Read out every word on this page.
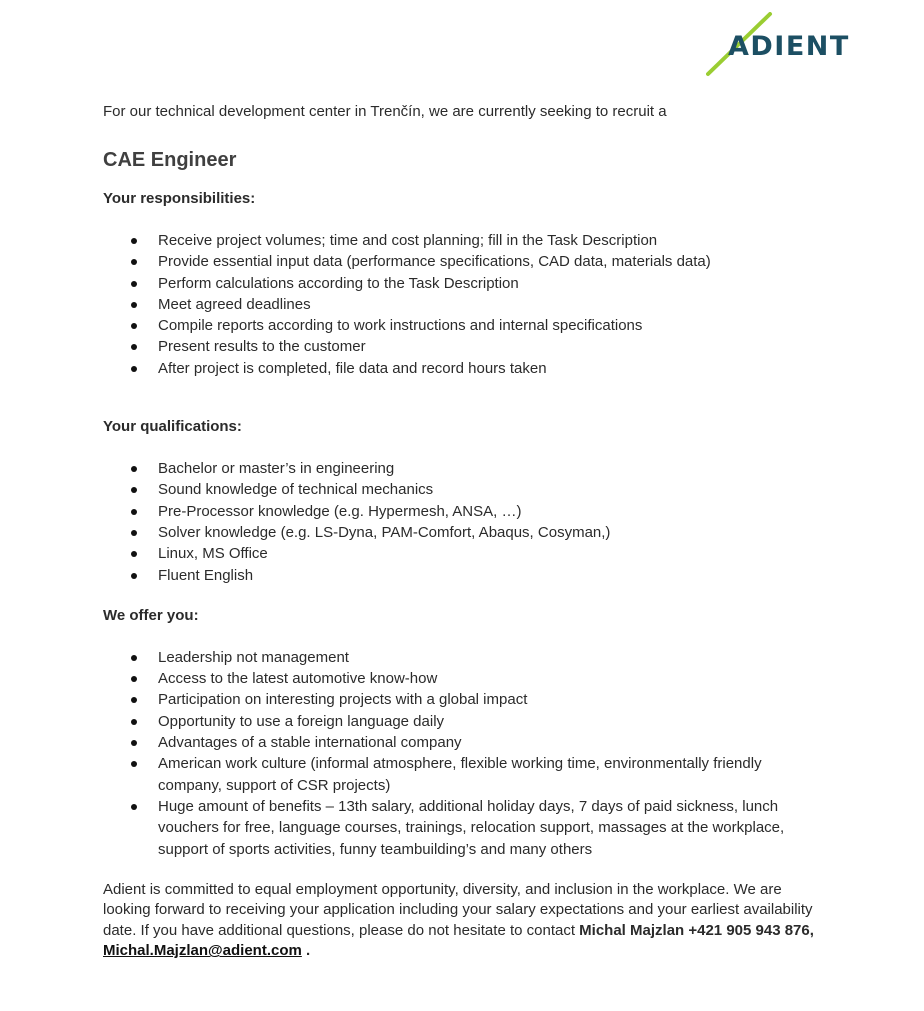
ADIENT

For our technical development center in Trenčín, we are currently seeking to recruit a

CAE Engineer
Your responsibilities:
Receive project volumes; time and cost planning; fill in the Task Description
Provide essential input data (performance specifications, CAD data, materials data)
Perform calculations according to the Task Description
Meet agreed deadlines
Compile reports according to work instructions and internal specifications
Present results to the customer
After project is completed, file data and record hours taken
Your qualifications:
Bachelor or master’s in engineering
Sound knowledge of technical mechanics
Pre-Processor knowledge (e.g. Hypermesh, ANSA, …)
Solver knowledge (e.g. LS-Dyna, PAM-Comfort, Abaqus, Cosyman,)
Linux, MS Office
Fluent English
We offer you:
Leadership not management
Access to the latest automotive know-how
Participation on interesting projects with a global impact
Opportunity to use a foreign language daily
Advantages of a stable international company
American work culture (informal atmosphere, flexible working time, environmentally friendly company, support of CSR projects)
Huge amount of benefits – 13th salary, additional holiday days, 7 days of paid sickness, lunch vouchers for free, language courses, trainings, relocation support, massages at the workplace, support of sports activities, funny teambuilding’s and many others

Adient is committed to equal employment opportunity, diversity, and inclusion in the workplace. We are looking forward to receiving your application including your salary expectations and your earliest availability date. If you have additional questions, please do not hesitate to contact Michal Majzlan +421 905 943 876, Michal.Majzlan@adient.com .
